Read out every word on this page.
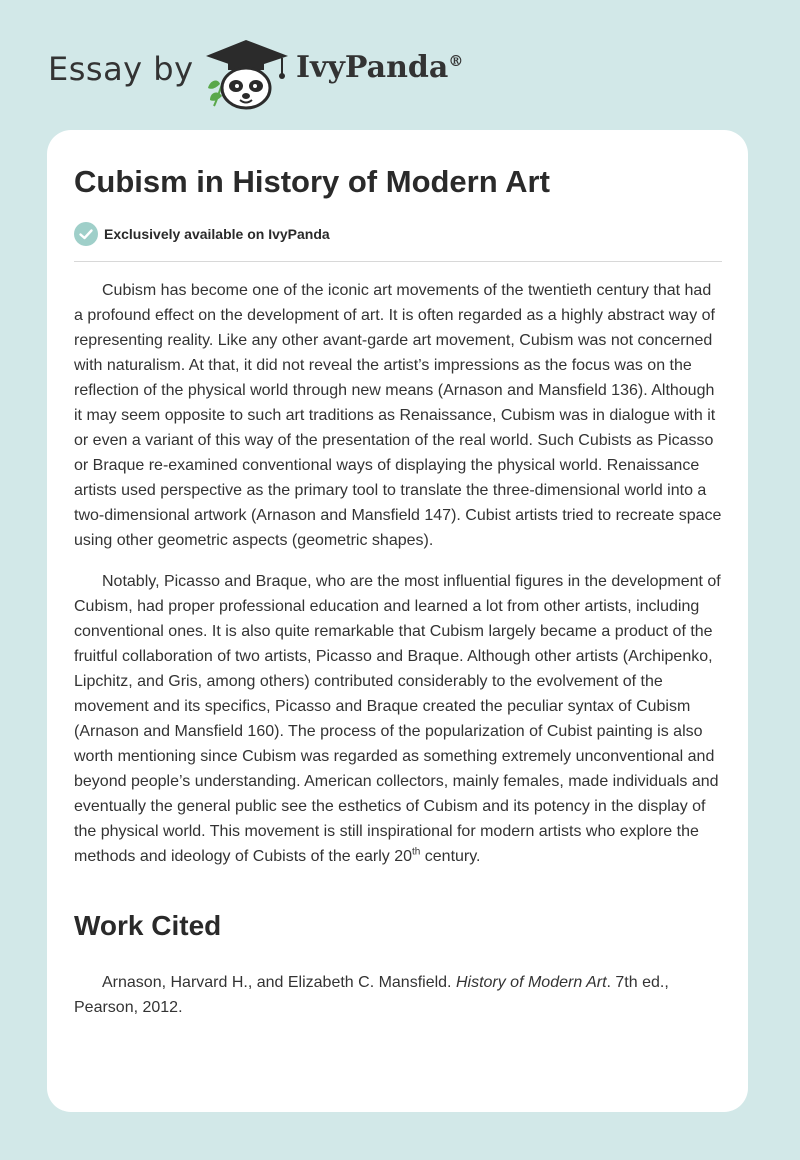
Essay by	IvyPanda®
Cubism in History of Modern Art
Exclusively available on IvyPanda

Cubism has become one of the iconic art movements of the twentieth century that had a profound effect on the development of art. It is often regarded as a highly abstract way of representing reality. Like any other avant-garde art movement, Cubism was not concerned with naturalism. At that, it did not reveal the artist’s impressions as the focus was on the reflection of the physical world through new means (Arnason and Mansfield 136). Although it may seem opposite to such art traditions as Renaissance, Cubism was in dialogue with it or even a variant of this way of the presentation of the real world. Such Cubists as Picasso or Braque re-examined conventional ways of displaying the physical world. Renaissance artists used perspective as the primary tool to translate the three-dimensional world into a two-dimensional artwork (Arnason and Mansfield 147). Cubist artists tried to recreate space using other geometric aspects (geometric shapes).

Notably, Picasso and Braque, who are the most influential figures in the development of Cubism, had proper professional education and learned a lot from other artists, including conventional ones. It is also quite remarkable that Cubism largely became a product of the fruitful collaboration of two artists, Picasso and Braque. Although other artists (Archipenko, Lipchitz, and Gris, among others) contributed considerably to the evolvement of the movement and its specifics, Picasso and Braque created the peculiar syntax of Cubism (Arnason and Mansfield 160). The process of the popularization of Cubist painting is also worth mentioning since Cubism was regarded as something extremely unconventional and beyond people’s understanding. American collectors, mainly females, made individuals and eventually the general public see the esthetics of Cubism and its potency in the display of the physical world. This movement is still inspirational for modern artists who explore the methods and ideology of Cubists of the early 20th century.

Work Cited

Arnason, Harvard H., and Elizabeth C. Mansfield. History of Modern Art. 7th ed., Pearson, 2012.
